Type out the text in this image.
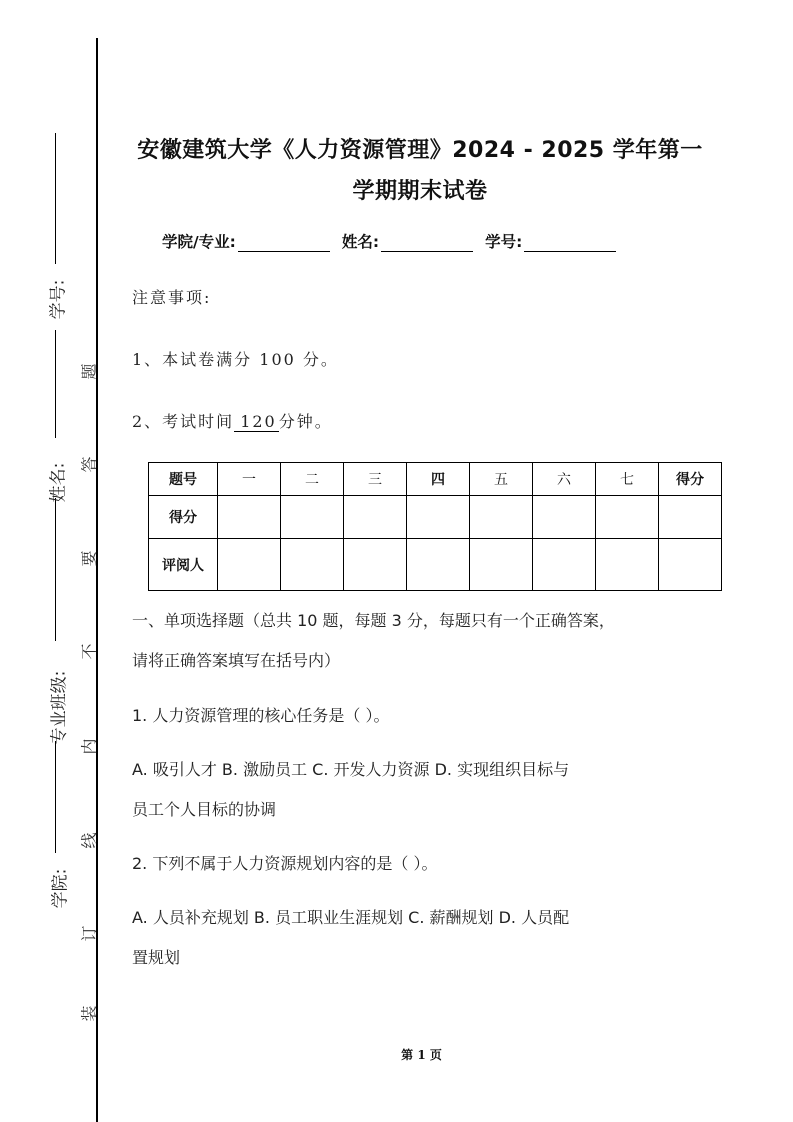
学号:
姓名:
专业班级:
学院:
题
答
要
不
内
线
订
装
安徽建筑大学《人力资源管理》2024 - 2025 学年第一
学期期末试卷
学院/专业:	姓名:	学号:
注意事项:
1、本试卷满分 100 分。
2、考试时间 120 分钟。
题号	一	二	三	四	五	六	七	得分
得分								
评阅人								
一、单项选择题（总共 10 题，每题 3 分，每题只有一个正确答案，
请将正确答案填写在括号内）
1. 人力资源管理的核心任务是（ ）。
A. 吸引人才 B. 激励员工 C. 开发人力资源 D. 实现组织目标与
员工个人目标的协调
2. 下列不属于人力资源规划内容的是（ ）。
A. 人员补充规划 B. 员工职业生涯规划 C. 薪酬规划 D. 人员配
置规划
第 1 页
